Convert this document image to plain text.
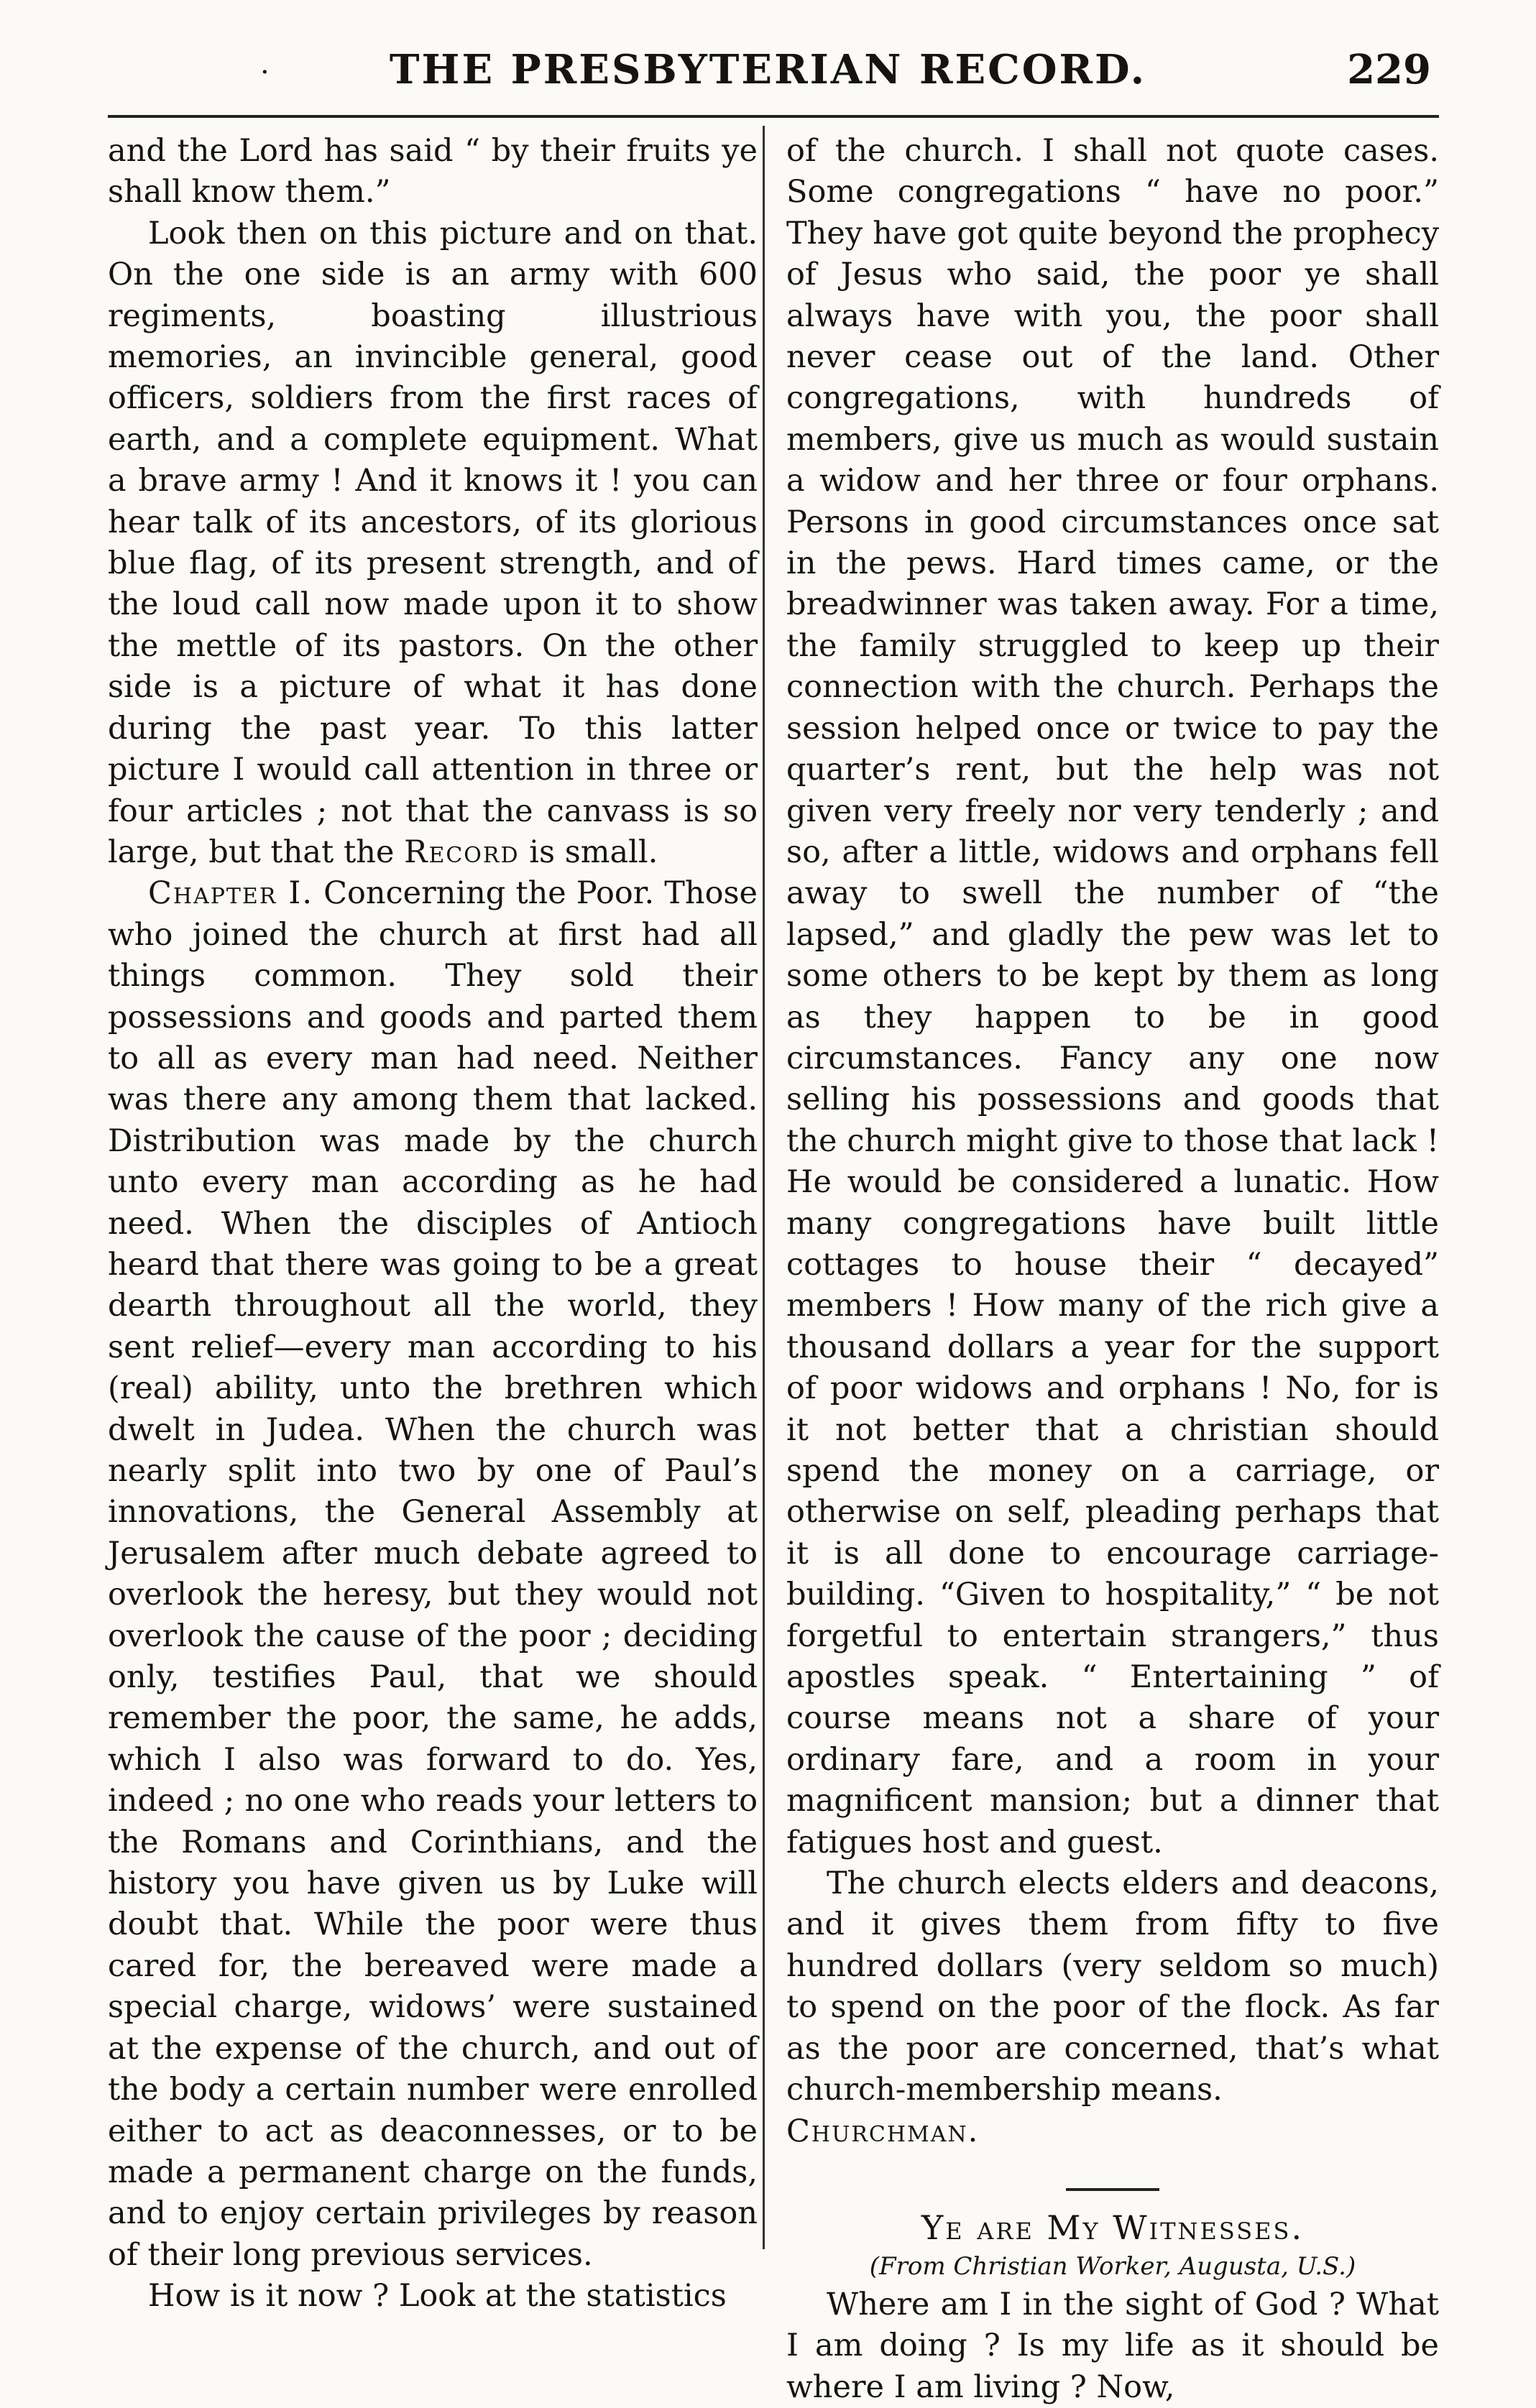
·	THE PRESBYTERIAN RECORD.	229

and the Lord has said “ by their fruits ye shall know them.”

Look then on this picture and on that. On the one side is an army with 600 regiments, boasting illustrious memories, an invincible general, good officers, soldiers from the first races of earth, and a complete equipment. What a brave army ! And it knows it ! you can hear talk of its ancestors, of its glorious blue flag, of its present strength, and of the loud call now made upon it to show the mettle of its pastors. On the other side is a picture of what it has done during the past year. To this latter picture I would call attention in three or four articles ; not that the canvass is so large, but that the Record is small.

Chapter I. Concerning the Poor. Those who joined the church at first had all things common. They sold their possessions and goods and parted them to all as every man had need. Neither was there any among them that lacked. Distribution was made by the church unto every man according as he had need. When the disciples of Antioch heard that there was going to be a great dearth throughout all the world, they sent relief—every man according to his (real) ability, unto the brethren which dwelt in Judea. When the church was nearly split into two by one of Paul’s innovations, the General Assembly at Jerusalem after much debate agreed to overlook the heresy, but they would not overlook the cause of the poor ; deciding only, testifies Paul, that we should remember the poor, the same, he adds, which I also was forward to do. Yes, indeed ; no one who reads your letters to the Romans and Corinthians, and the history you have given us by Luke will doubt that. While the poor were thus cared for, the bereaved were made a special charge, widows’ were sustained at the expense of the church, and out of the body a certain number were enrolled either to act as deaconnesses, or to be made a permanent charge on the funds, and to enjoy certain privileges by reason of their long previous services.

How is it now ? Look at the statistics

of the church. I shall not quote cases. Some congregations “ have no poor.” They have got quite beyond the prophecy of Jesus who said, the poor ye shall always have with you, the poor shall never cease out of the land. Other congregations, with hundreds of members, give us much as would sustain a widow and her three or four orphans. Persons in good circumstances once sat in the pews. Hard times came, or the breadwinner was taken away. For a time, the family struggled to keep up their connection with the church. Perhaps the session helped once or twice to pay the quarter’s rent, but the help was not given very freely nor very tenderly ; and so, after a little, widows and orphans fell away to swell the number of “the lapsed,” and gladly the pew was let to some others to be kept by them as long as they happen to be in good circumstances. Fancy any one now selling his possessions and goods that the church might give to those that lack ! He would be considered a lunatic. How many congregations have built little cottages to house their “ decayed” members ! How many of the rich give a thousand dollars a year for the support of poor widows and orphans ! No, for is it not better that a christian should spend the money on a carriage, or otherwise on self, pleading perhaps that it is all done to encourage carriage-building. “Given to hospitality,” “ be not forgetful to entertain strangers,” thus apostles speak. “ Entertaining ” of course means not a share of your ordinary fare, and a room in your magnificent mansion; but a dinner that fatigues host and guest.

The church elects elders and deacons, and it gives them from fifty to five hundred dollars (very seldom so much) to spend on the poor of the flock. As far as the poor are concerned, that’s what church-membership means.

Churchman.

Ye are My Witnesses.
(From Christian Worker, Augusta, U.S.)

Where am I in the sight of God ? What I am doing ? Is my life as it should be where I am living ? Now,
